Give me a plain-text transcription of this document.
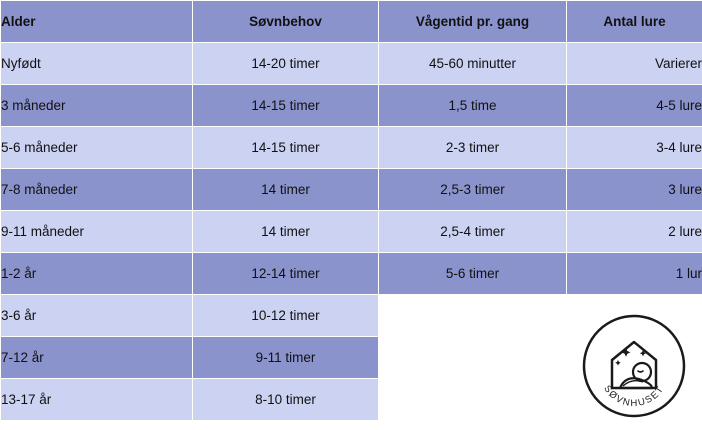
Alder	Søvnbehov	Vågentid pr. gang	Antal lure
Nyfødt	14-20 timer	45-60 minutter	Varierer
3 måneder	14-15 timer	1,5 time	4-5 lure
5-6 måneder	14-15 timer	2-3 timer	3-4 lure
7-8 måneder	14 timer	2,5-3 timer	3 lure
9-11 måneder	14 timer	2,5-4 timer	2 lure
1-2 år	12-14 timer	5-6 timer	1 lur
3-6 år	10-12 timer		
7-12 år	9-11 timer		
13-17 år	8-10 timer		
SØVNHUSET
